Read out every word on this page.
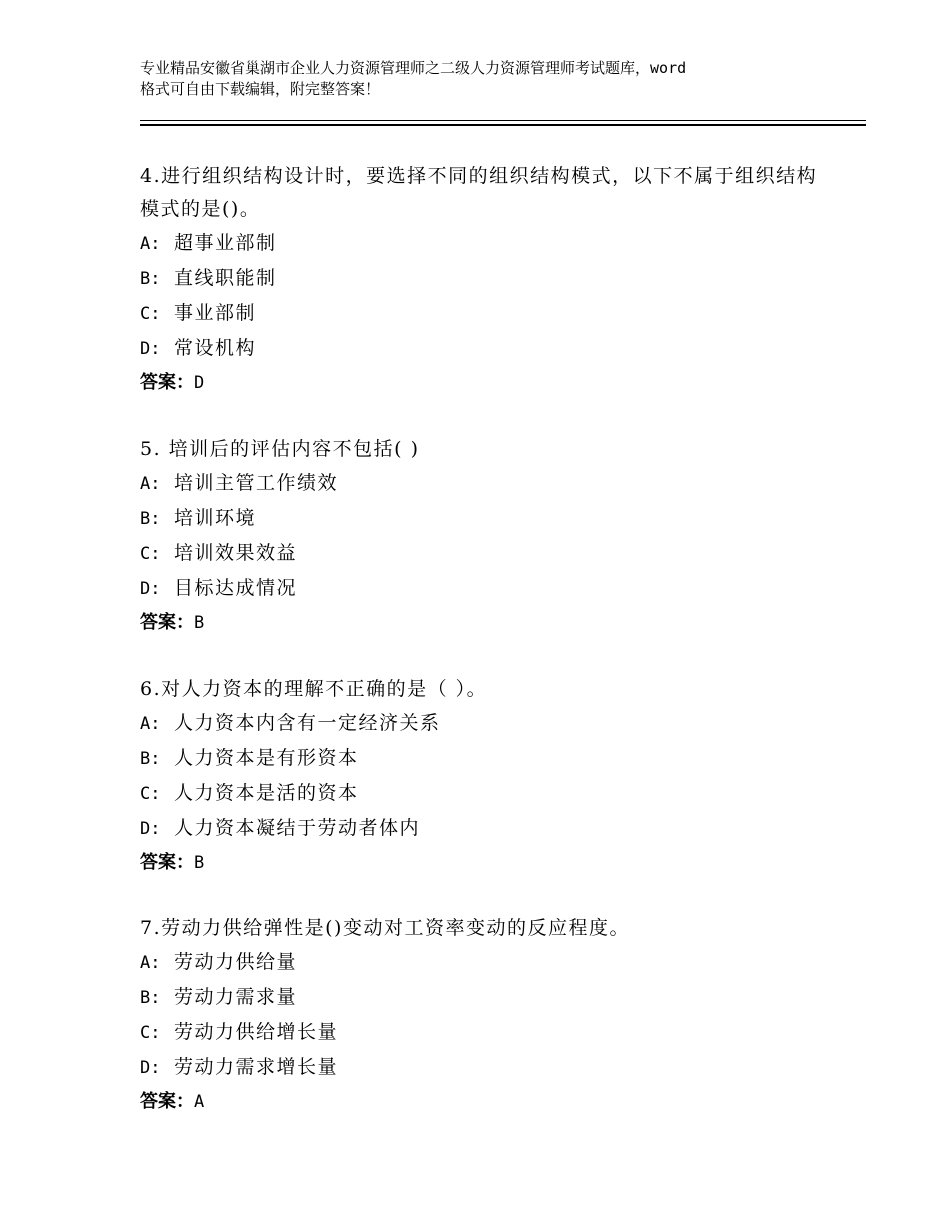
专业精品安徽省巢湖市企业人力资源管理师之二级人力资源管理师考试题库，word
格式可自由下载编辑，附完整答案！

4.进行组织结构设计时，要选择不同的组织结构模式，以下不属于组织结构模式的是()。

A: 超事业部制
B: 直线职能制
C: 事业部制
D: 常设机构
答案：D

5. 培训后的评估内容不包括( )

A: 培训主管工作绩效
B: 培训环境
C: 培训效果效益
D: 目标达成情况
答案：B

6.对人力资本的理解不正确的是（ ）。

A: 人力资本内含有一定经济关系
B: 人力资本是有形资本
C: 人力资本是活的资本
D: 人力资本凝结于劳动者体内
答案：B

7.劳动力供给弹性是()变动对工资率变动的反应程度。

A: 劳动力供给量
B: 劳动力需求量
C: 劳动力供给增长量
D: 劳动力需求增长量
答案：A
